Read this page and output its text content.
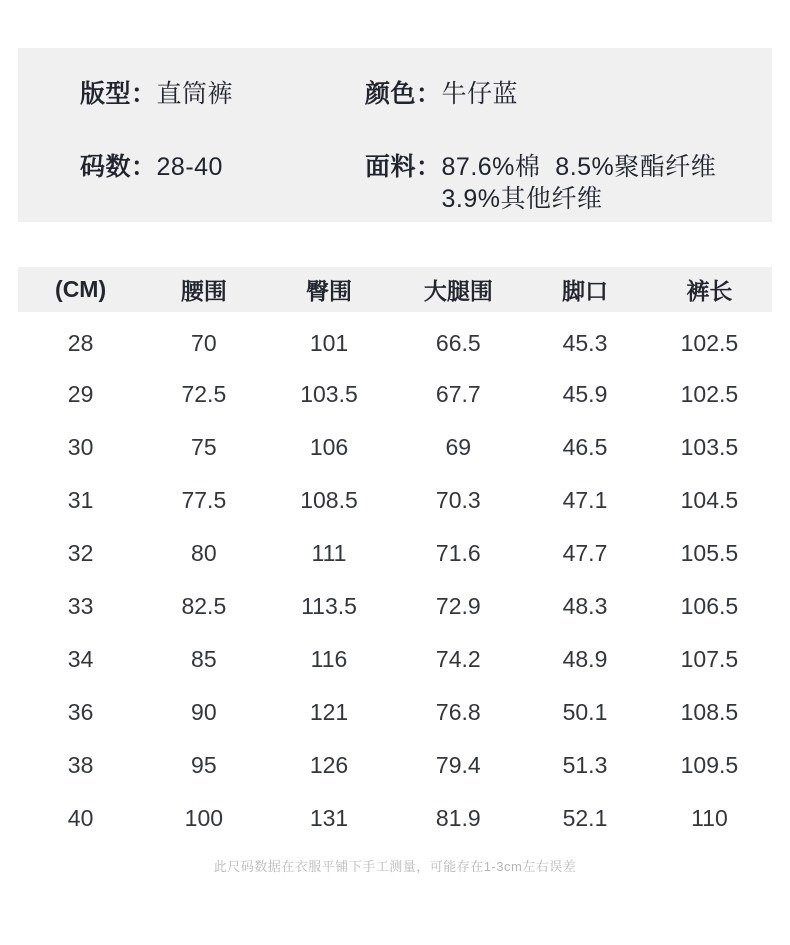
版型： 直筒裤	颜色： 牛仔蓝
码数： 28-40	面料： 87.6%棉  8.5%聚酯纤维
3.9%其他纤维
(CM)	腰围	臀围	大腿围	脚口	裤长
28	70	101	66.5	45.3	102.5
29	72.5	103.5	67.7	45.9	102.5
30	75	106	69	46.5	103.5
31	77.5	108.5	70.3	47.1	104.5
32	80	111	71.6	47.7	105.5
33	82.5	113.5	72.9	48.3	106.5
34	85	116	74.2	48.9	107.5
36	90	121	76.8	50.1	108.5
38	95	126	79.4	51.3	109.5
40	100	131	81.9	52.1	110
此尺码数据在衣服平铺下手工测量，可能存在1-3cm左右误差
